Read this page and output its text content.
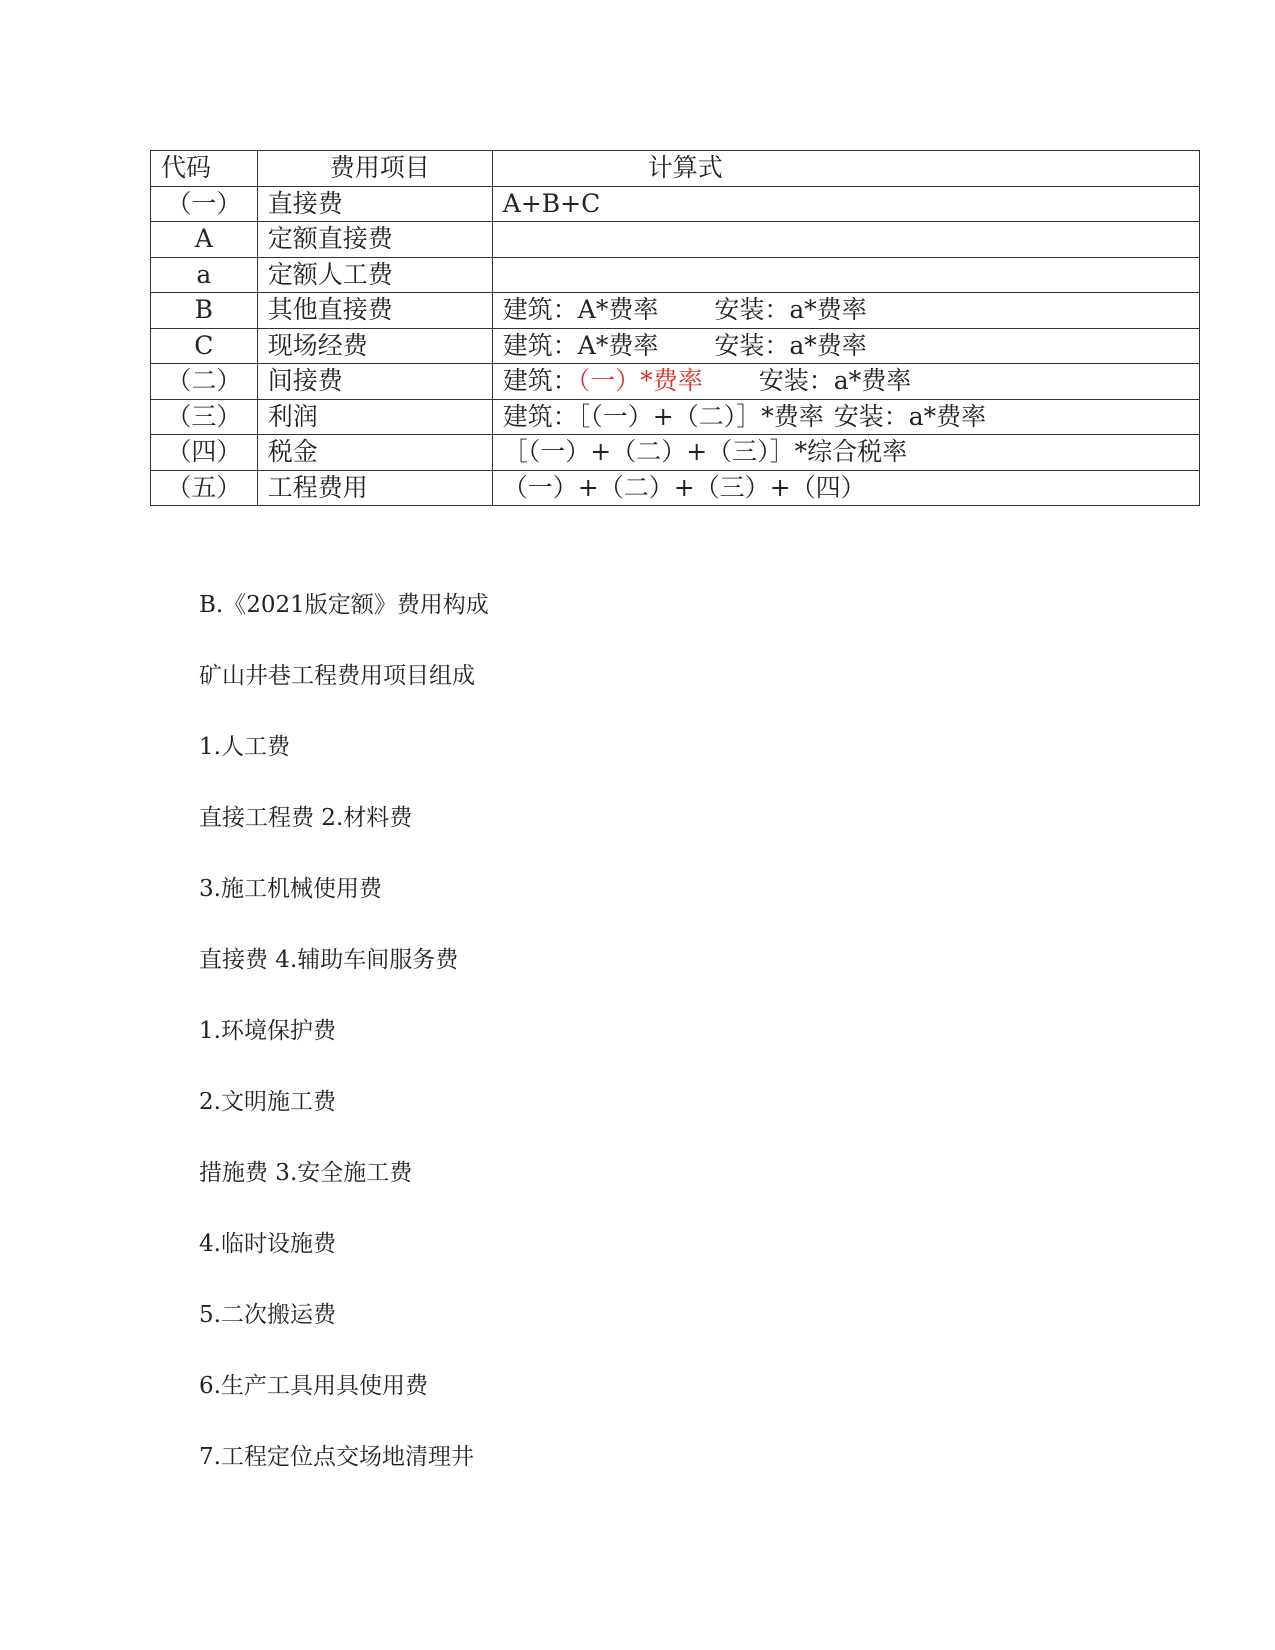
代码	费用项目	计算式
（一）	直接费	A+B+C
A	定额直接费	
a	定额人工费	
B	其他直接费	建筑：A*费率 安装：a*费率
C	现场经费	建筑：A*费率 安装：a*费率
（二）	间接费	建筑：（一）*费率 安装：a*费率
（三）	利润	建筑：［（一）+（二）］*费率 安装：a*费率
（四）	税金	［（一）+（二）+（三）］*综合税率
（五）	工程费用	（一）+（二）+（三）+（四）

B.《2021版定额》费用构成

矿山井巷工程费用项目组成

1.人工费

直接工程费 2.材料费

3.施工机械使用费

直接费 4.辅助车间服务费

1.环境保护费

2.文明施工费

措施费 3.安全施工费

4.临时设施费

5.二次搬运费

6.生产工具用具使用费

7.工程定位点交场地清理井
